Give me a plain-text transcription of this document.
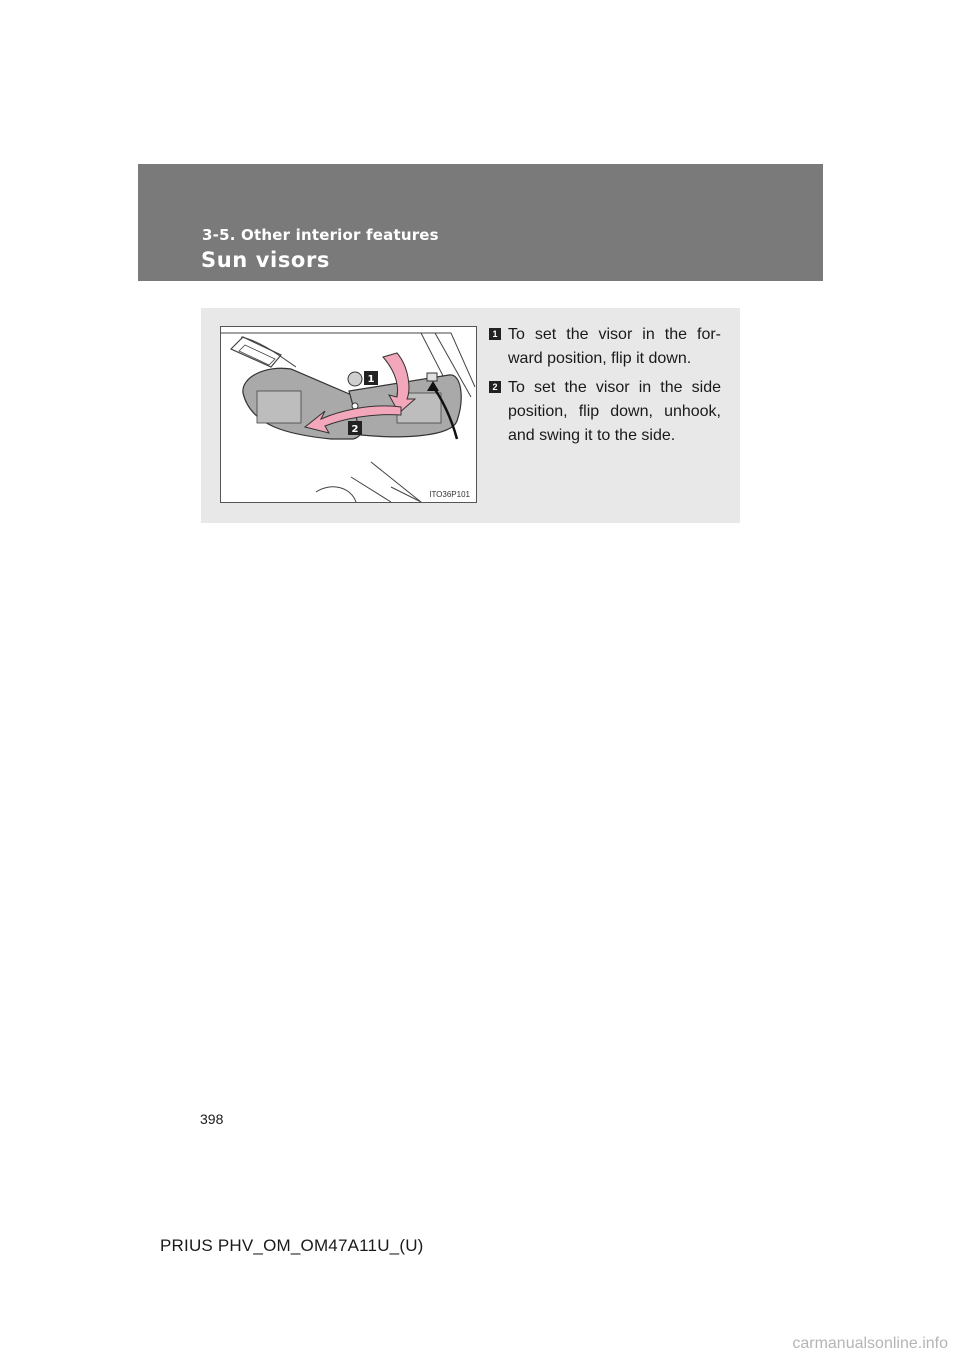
3-5. Other interior features
Sun visors
1
2
ITO36P101
1 To set the visor in the for-ward position, flip it down.
2 To set the visor in the side position, flip down, unhook, and swing it to the side.
398
PRIUS PHV_OM_OM47A11U_(U)
carmanualsonline.info
